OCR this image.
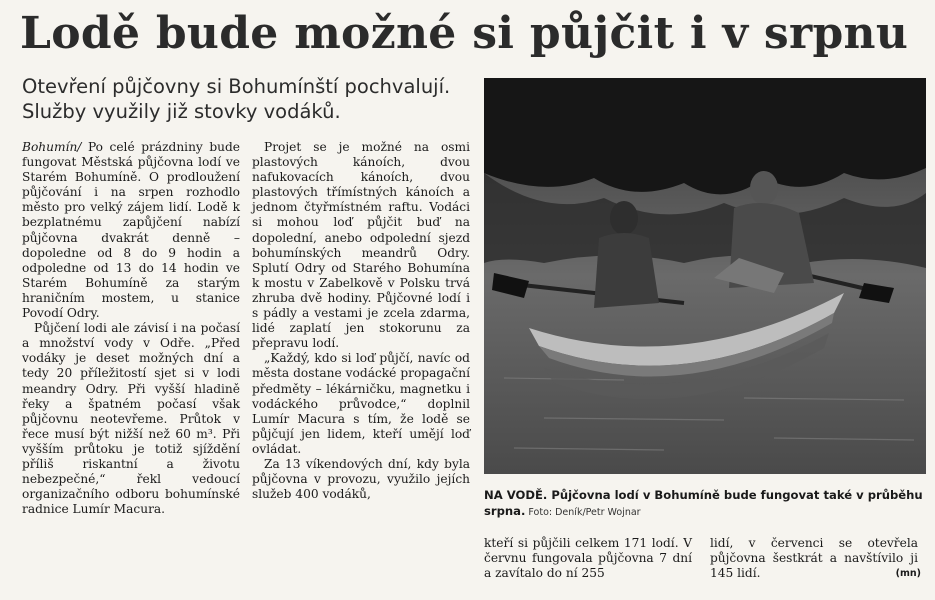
Lodě bude možné si půjčit i v srpnu

Otevření půjčovny si Bohumínští pochvalují. Služby využily již stovky vodáků.

Bohumín/ Po celé prázdniny bude fungovat Městská půjčovna lodí ve Starém Bohumíně. O prodloužení půjčování i na srpen rozhodlo město pro velký zájem lidí. Lodě k bezplatnému zapůjčení nabízí půjčovna dvakrát denně – dopoledne od 8 do 9 hodin a odpoledne od 13 do 14 hodin ve Starém Bohumíně za starým hraničním mostem, u stanice Povodí Odry.

Půjčení lodi ale závisí i na počasí a množství vody v Odře. „Před vodáky je deset možných dní a tedy 20 příležitostí sjet si v lodi meandry Odry. Při vyšší hladině řeky a špatném počasí však půjčovnu neotevřeme. Průtok v řece musí být nižší než 60 m³. Při vyšším průtoku je totiž sjíždění příliš riskantní a životu nebezpečné,“ řekl vedoucí organizačního odboru bohumínské radnice Lumír Macura.

Projet se je možné na osmi plastových kánoích, dvou nafukovacích kánoích, dvou plastových třímístných kánoích a jednom čtyřmístném raftu. Vodáci si mohou loď půjčit buď na dopolední, anebo odpolední sjezd bohumínských meandrů Odry. Splutí Odry od Starého Bohumína k mostu v Zabelkově v Polsku trvá zhruba dvě hodiny. Půjčovné lodí i s pádly a vestami je zcela zdarma, lidé zaplatí jen stokorunu za přepravu lodí.

„Každý, kdo si loď půjčí, navíc od města dostane vodácké propagační předměty – lékárničku, magnetku i vodáckého průvodce,“ doplnil Lumír Macura s tím, že lodě se půjčují jen lidem, kteří umějí loď ovládat.

Za 13 víkendových dní, kdy byla půjčovna v provozu, využilo jejích služeb 400 vodáků,	NA VODĚ. Půjčovna lodí v Bohumíně bude fungovat také v průběhu srpna. Foto: Deník/Petr Wojnar

kteří si půjčili celkem 171 lodí. V červnu fungovala půjčovna 7 dní a zavítalo do ní 255

lidí, v červenci se otevřela půjčovna šestkrát a navštívilo ji 145 lidí.	(mn)
